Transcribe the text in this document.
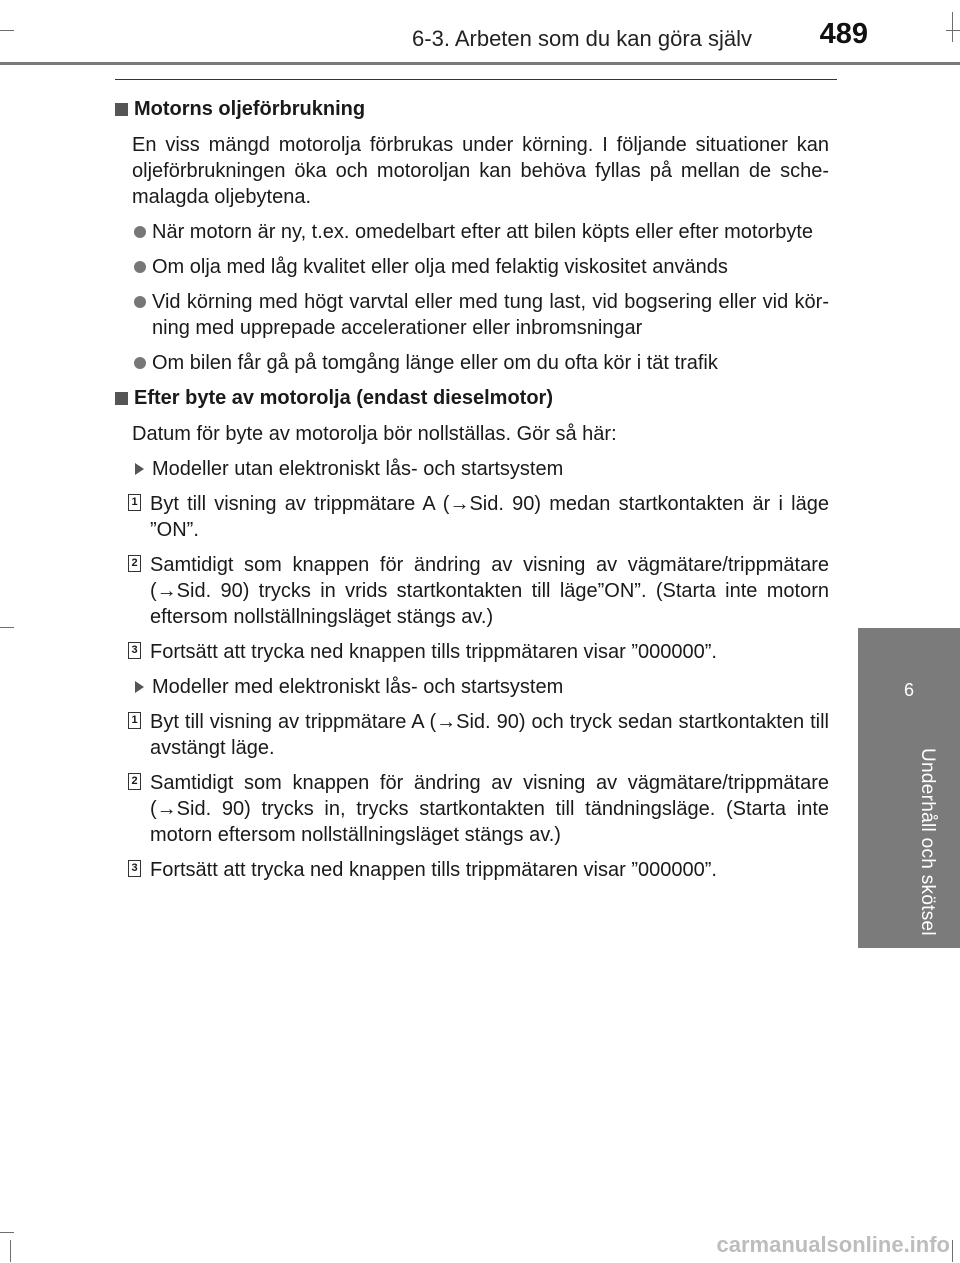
6-3. Arbeten som du kan göra själv 489
6
Underhåll och skötsel
Motorns oljeförbrukning
En viss mängd motorolja förbrukas under körning. I följande situationer kan oljeförbrukningen öka och motoroljan kan behöva fyllas på mellan de sche- malagda oljebytena.
När motorn är ny, t.ex. omedelbart efter att bilen köpts eller efter motorbyte
Om olja med låg kvalitet eller olja med felaktig viskositet används
Vid körning med högt varvtal eller med tung last, vid bogsering eller vid kör- ning med upprepade accelerationer eller inbromsningar
Om bilen får gå på tomgång länge eller om du ofta kör i tät trafik
Efter byte av motorolja (endast dieselmotor)
Datum för byte av motorolja bör nollställas. Gör så här:
Modeller utan elektroniskt lås- och startsystem
1 Byt till visning av trippmätare A (→Sid. 90) medan startkontakten är i läge ”ON”.
2 Samtidigt som knappen för ändring av visning av vägmätare/trippmätare (→Sid. 90) trycks in vrids startkontakten till läge”ON”. (Starta inte motorn eftersom nollställningsläget stängs av.)
3 Fortsätt att trycka ned knappen tills trippmätaren visar ”000000”.
Modeller med elektroniskt lås- och startsystem
1 Byt till visning av trippmätare A (→Sid. 90) och tryck sedan startkontakten till avstängt läge.
2 Samtidigt som knappen för ändring av visning av vägmätare/trippmätare (→Sid. 90) trycks in, trycks startkontakten till tändningsläge. (Starta inte motorn eftersom nollställningsläget stängs av.)
3 Fortsätt att trycka ned knappen tills trippmätaren visar ”000000”.
carmanualsonline.info
